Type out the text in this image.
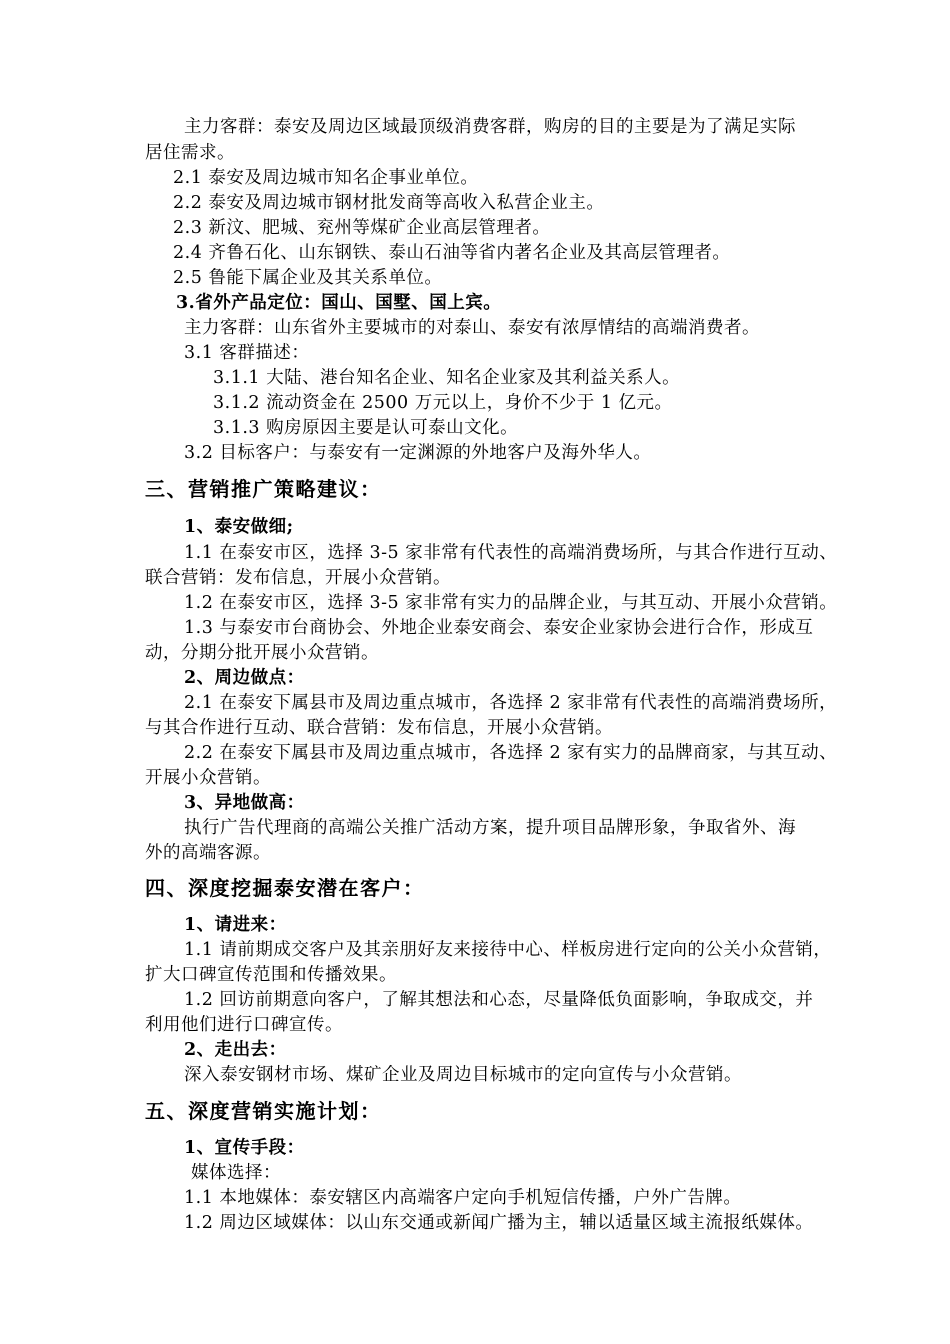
主力客群：泰安及周边区域最顶级消费客群，购房的目的主要是为了满足实际
居住需求。
2.1 泰安及周边城市知名企事业单位。
2.2 泰安及周边城市钢材批发商等高收入私营企业主。
2.3 新汶、肥城、兖州等煤矿企业高层管理者。
2.4 齐鲁石化、山东钢铁、泰山石油等省内著名企业及其高层管理者。
2.5 鲁能下属企业及其关系单位。
3.省外产品定位：国山、国墅、国上宾。
主力客群：山东省外主要城市的对泰山、泰安有浓厚情结的高端消费者。
3.1 客群描述：
3.1.1 大陆、港台知名企业、知名企业家及其利益关系人。
3.1.2 流动资金在 2500 万元以上，身价不少于 1 亿元。
3.1.3 购房原因主要是认可泰山文化。
3.2 目标客户：与泰安有一定渊源的外地客户及海外华人。
三、营销推广策略建议：
1、泰安做细;
1.1 在泰安市区，选择 3-5 家非常有代表性的高端消费场所，与其合作进行互动、
联合营销：发布信息，开展小众营销。
1.2 在泰安市区，选择 3-5 家非常有实力的品牌企业，与其互动、开展小众营销。
1.3 与泰安市台商协会、外地企业泰安商会、泰安企业家协会进行合作，形成互
动，分期分批开展小众营销。
2、周边做点：
2.1 在泰安下属县市及周边重点城市，各选择 2 家非常有代表性的高端消费场所，
与其合作进行互动、联合营销：发布信息，开展小众营销。
2.2 在泰安下属县市及周边重点城市，各选择 2 家有实力的品牌商家，与其互动、
开展小众营销。
3、异地做高：
执行广告代理商的高端公关推广活动方案，提升项目品牌形象，争取省外、海
外的高端客源。
四、深度挖掘泰安潜在客户：
1、请进来：
1.1 请前期成交客户及其亲朋好友来接待中心、样板房进行定向的公关小众营销，
扩大口碑宣传范围和传播效果。
1.2 回访前期意向客户，了解其想法和心态，尽量降低负面影响，争取成交，并
利用他们进行口碑宣传。
2、走出去：
深入泰安钢材市场、煤矿企业及周边目标城市的定向宣传与小众营销。
五、深度营销实施计划：
1、宣传手段：
媒体选择：
1.1 本地媒体：泰安辖区内高端客户定向手机短信传播，户外广告牌。
1.2 周边区域媒体：以山东交通或新闻广播为主，辅以适量区域主流报纸媒体。
